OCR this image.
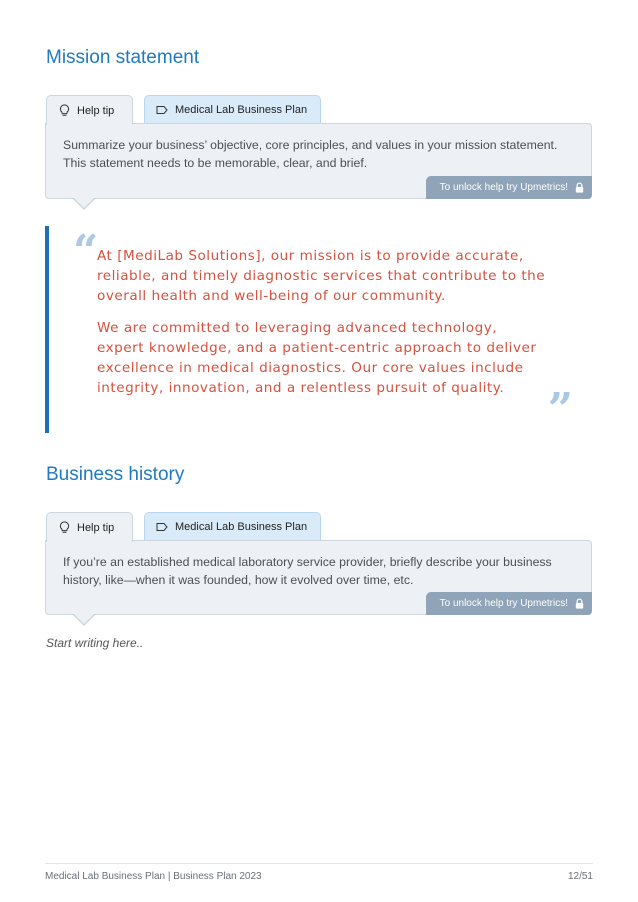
Mission statement
Help tip	Medical Lab Business Plan
Summarize your business’ objective, core principles, and values in your mission statement. This statement needs to be memorable, clear, and brief.
To unlock help try Upmetrics!
“

At [MediLab Solutions], our mission is to provide accurate, reliable, and timely diagnostic services that contribute to the overall health and well-being of our community.

We are committed to leveraging advanced technology, expert knowledge, and a patient-centric approach to deliver excellence in medical diagnostics. Our core values include integrity, innovation, and a relentless pursuit of quality. ”
Business history
Help tip	Medical Lab Business Plan
If you’re an established medical laboratory service provider, briefly describe your business history, like—when it was founded, how it evolved over time, etc.
To unlock help try Upmetrics!

Start writing here..

Medical Lab Business Plan | Business Plan 2023	12/51
